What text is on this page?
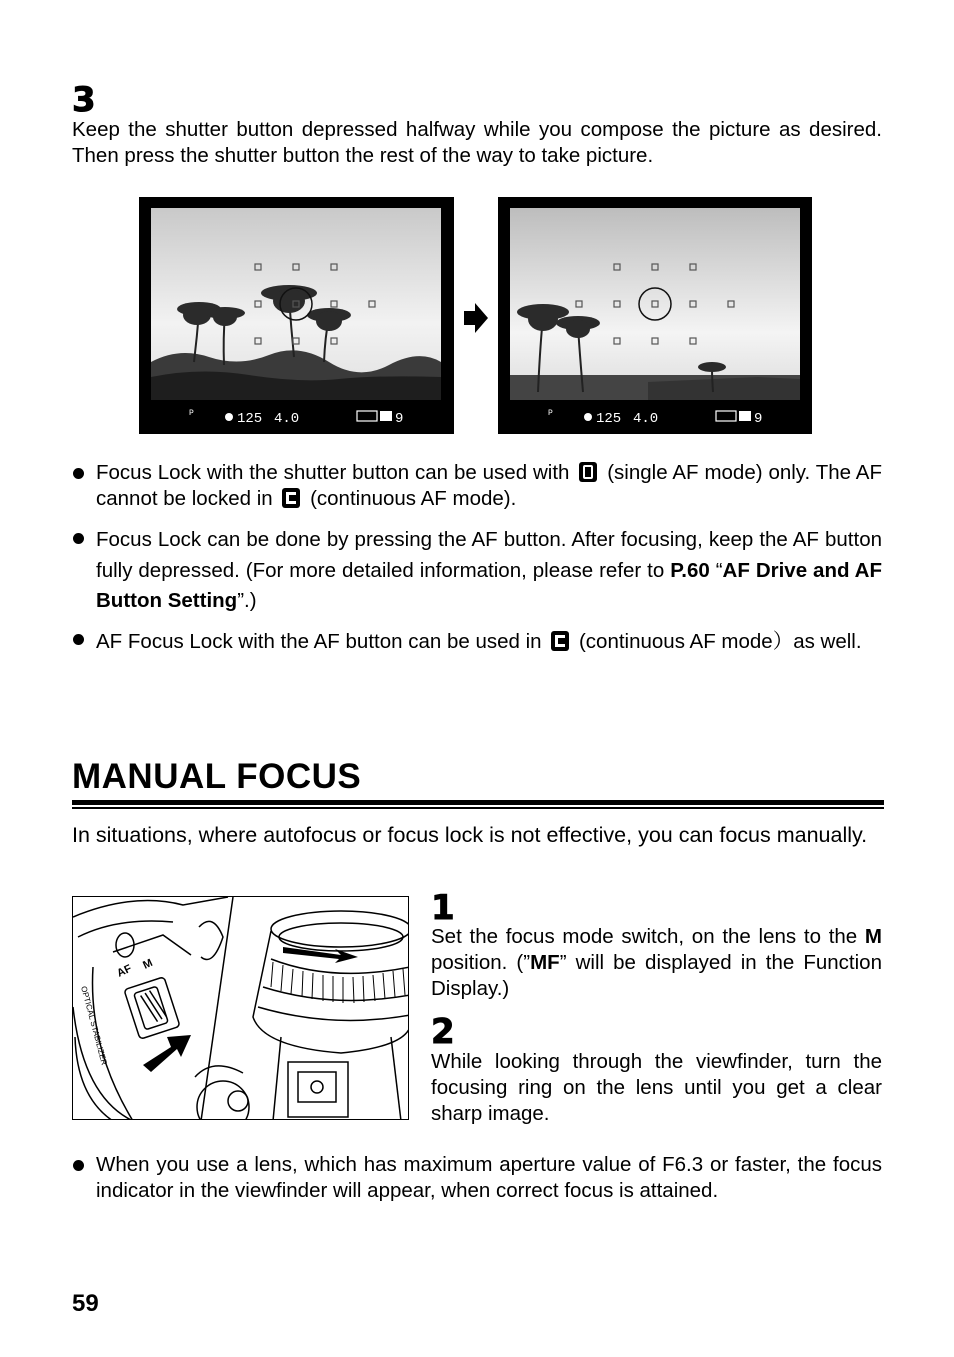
3
Keep the shutter button depressed halfway while you compose the picture as desired. Then press the shutter button the rest of the way to take picture.
P	125 4.0	9	P	125 4.0	9
Focus Lock with the shutter button can be used with (single AF mode) only. The AF cannot be locked in (continuous AF mode).
Focus Lock can be done by pressing the AF button. After focusing, keep the AF button fully depressed. (For more detailed information, please refer to P.60 “AF Drive and AF Button Setting”.)
AF Focus Lock with the AF button can be used in (continuous AF mode）as well.
MANUAL FOCUS
In situations, where autofocus or focus lock is not effective, you can focus manually.
AF M
OPTICAL STABILIZER
1
Set the focus mode switch, on the lens to the M position. (”MF” will be displayed in the Function Display.)
2
While looking through the viewfinder, turn the focusing ring on the lens until you get a clear sharp image.
When you use a lens, which has maximum aperture value of F6.3 or faster, the focus indicator in the viewfinder will appear, when correct focus is attained.
59
